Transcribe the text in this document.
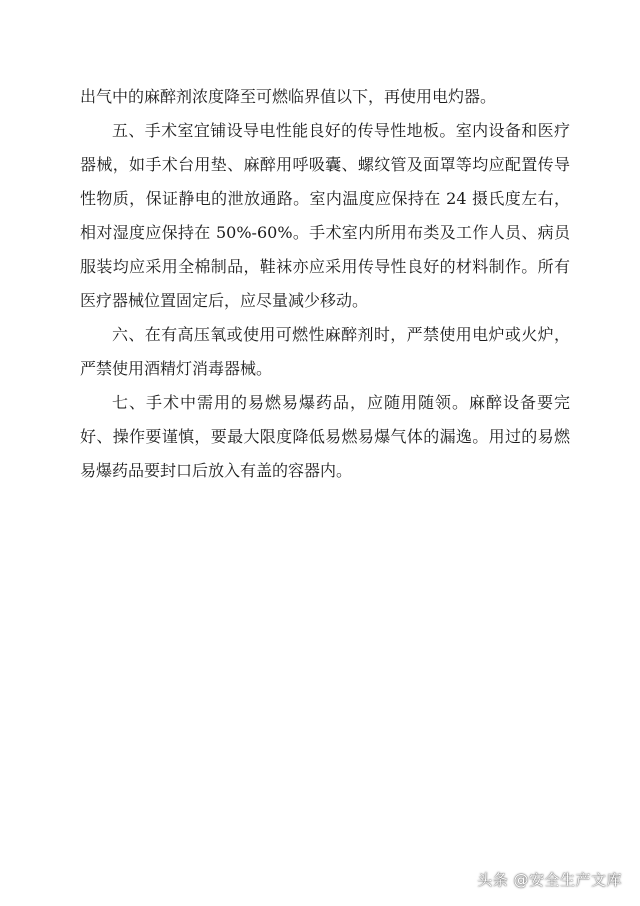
出气中的麻醉剂浓度降至可燃临界值以下，再使用电灼器。

五、手术室宜铺设导电性能良好的传导性地板。室内设备和医疗器械，如手术台用垫、麻醉用呼吸囊、螺纹管及面罩等均应配置传导性物质，保证静电的泄放通路。室内温度应保持在 24 摄氏度左右，相对湿度应保持在 50%-60%。手术室内所用布类及工作人员、病员服装均应采用全棉制品，鞋袜亦应采用传导性良好的材料制作。所有医疗器械位置固定后，应尽量减少移动。

六、在有高压氧或使用可燃性麻醉剂时，严禁使用电炉或火炉，严禁使用酒精灯消毒器械。

七、手术中需用的易燃易爆药品，应随用随领。麻醉设备要完好、操作要谨慎，要最大限度降低易燃易爆气体的漏逸。用过的易燃易爆药品要封口后放入有盖的容器内。

头条 @安全生产文库
